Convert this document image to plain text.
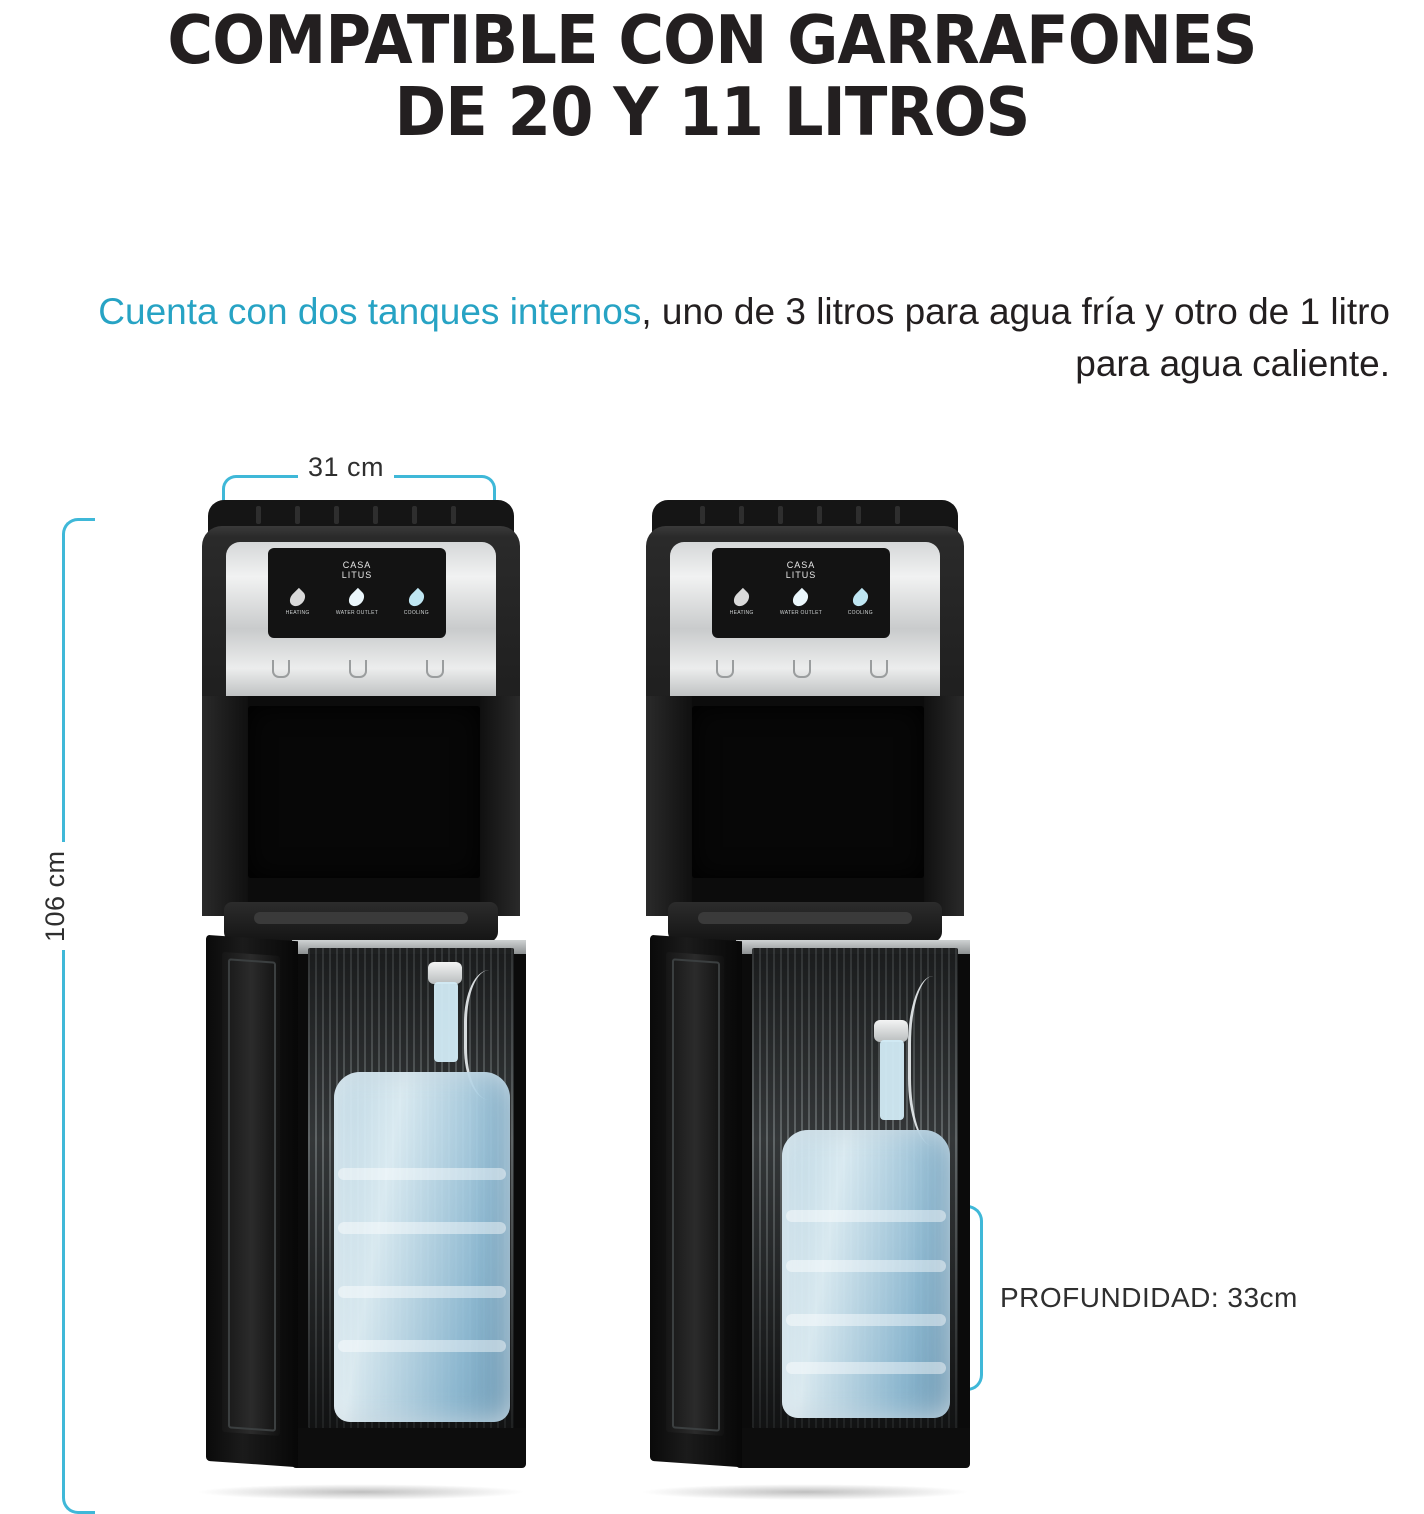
COMPATIBLE CON GARRAFONES
DE 20 Y 11 LITROS
Cuenta con dos tanques internos, uno de 3 litros para agua fría y otro de 1 litro para agua caliente.
31 cm
106 cm
PROFUNDIDAD: 33cm
CASA
LITUS
HEATING	WATER OUTLET	COOLING
CASA
LITUS
HEATING	WATER OUTLET	COOLING
